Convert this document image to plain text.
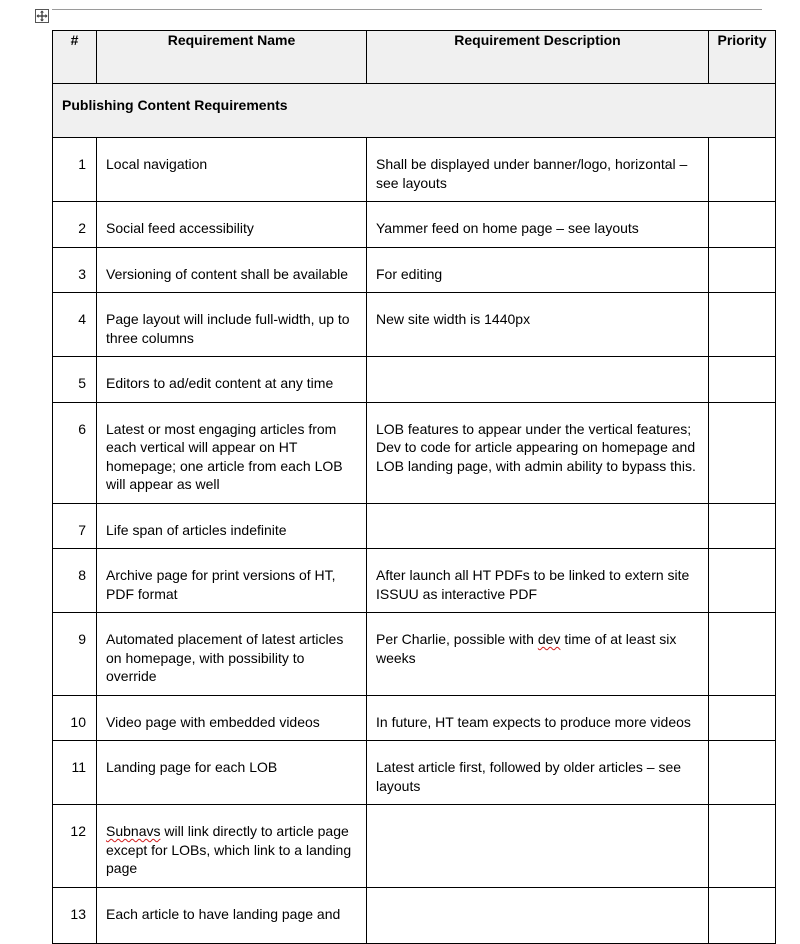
#	Requirement Name	Requirement Description	Priority
Publishing Content Requirements			

1	Local navigation	Shall be displayed under banner/logo, horizontal – see layouts	

2	Social feed accessibility	Yammer feed on home page – see layouts	

3	Versioning of content shall be available	For editing	

4	Page layout will include full-width, up to three columns	New site width is 1440px	

5	Editors to ad/edit content at any time		

6	Latest or most engaging articles from each vertical will appear on HT homepage; one article from each LOB will appear as well	LOB features to appear under the vertical features; Dev to code for article appearing on homepage and LOB landing page, with admin ability to bypass this.	

7	Life span of articles indefinite		

8	Archive page for print versions of HT, PDF format	After launch all HT PDFs to be linked to extern site ISSUU as interactive PDF	

9	Automated placement of latest articles on homepage, with possibility to override	Per Charlie, possible with dev time of at least six weeks	

10	Video page with embedded videos	In future, HT team expects to produce more videos	

11	Landing page for each LOB	Latest article first, followed by older articles – see layouts	

12	Subnavs will link directly to article page except for LOBs, which link to a landing page		

13	Each article to have landing page and		
